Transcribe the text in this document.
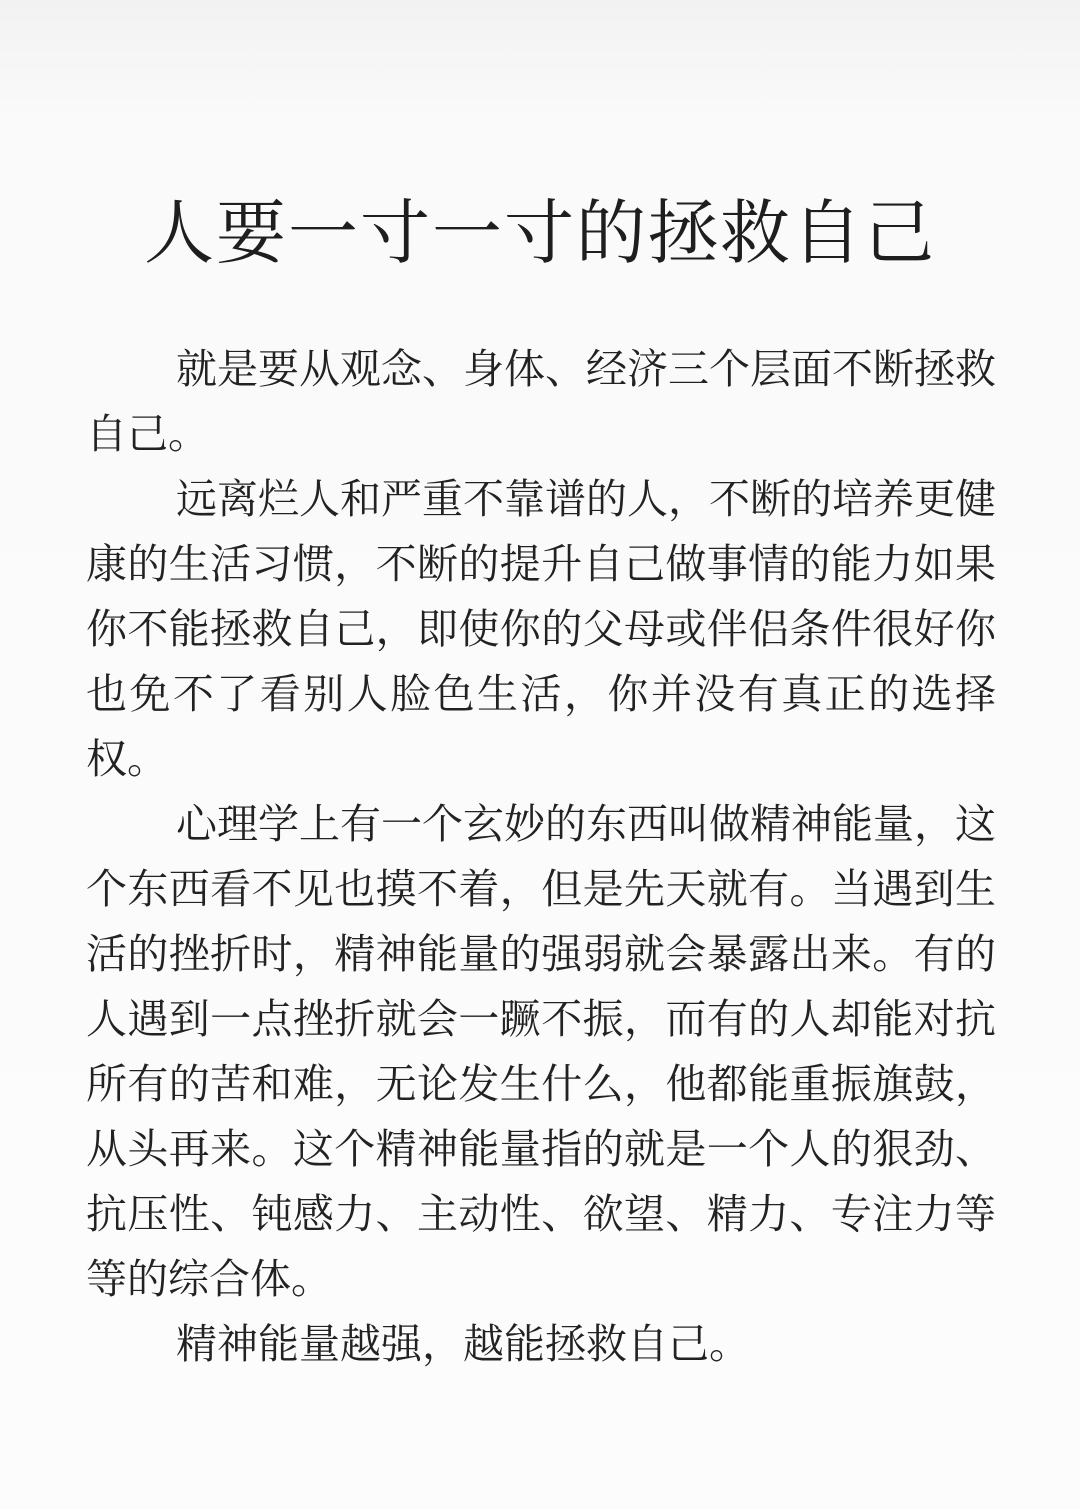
人要一寸一寸的拯救自己

就是要从观念、身体、经济三个层面不断拯救自己。

远离烂人和严重不靠谱的人，不断的培养更健康的生活习惯，不断的提升自己做事情的能力如果你不能拯救自己，即使你的父母或伴侣条件很好你也免不了看别人脸色生活，你并没有真正的选择权。

心理学上有一个玄妙的东西叫做精神能量，这个东西看不见也摸不着，但是先天就有。当遇到生活的挫折时，精神能量的强弱就会暴露出来。有的人遇到一点挫折就会一蹶不振，而有的人却能对抗所有的苦和难，无论发生什么，他都能重振旗鼓，从头再来。这个精神能量指的就是一个人的狠劲、抗压性、钝感力、主动性、欲望、精力、专注力等等的综合体。

精神能量越强，越能拯救自己。
